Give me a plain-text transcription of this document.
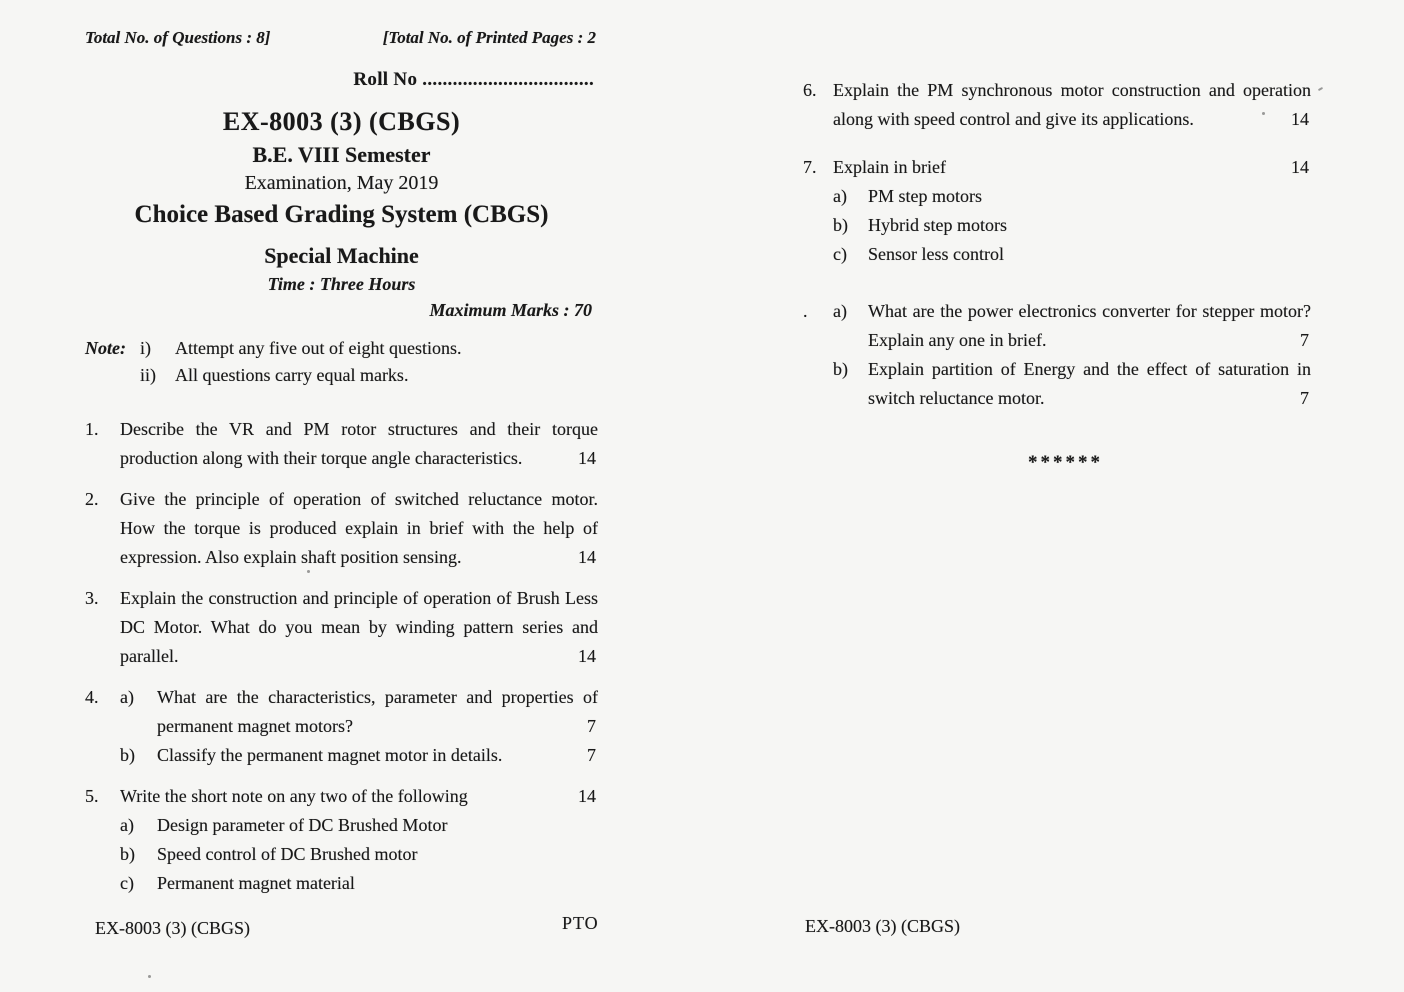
Total No. of Questions : 8]	[Total No. of Printed Pages : 2
Roll No ..................................
EX-8003 (3) (CBGS)
B.E. VIII Semester
Examination, May 2019
Choice Based Grading System (CBGS)
Special Machine
Time : Three Hours
Maximum Marks : 70
Note: i)	Attempt any five out of eight questions.
ii)	All questions carry equal marks.
1.	Describe the VR and PM rotor structures and their torque production along with their torque angle characteristics.	14

2.	Give the principle of operation of switched reluctance motor. How the torque is produced explain in brief with the help of expression. Also explain shaft position sensing.	14

3.	Explain the construction and principle of operation of Brush Less DC Motor. What do you mean by winding pattern series and parallel.	14

4.	a)	What are the characteristics, parameter and properties of permanent magnet motors?	7

b)	Classify the permanent magnet motor in details.	7

5.	Write the short note on any two of the following	14

a)	Design parameter of DC Brushed Motor

b)	Speed control of DC Brushed motor

c)	Permanent magnet material

6. Explain the PM synchronous motor construction and operation along with speed control and give its applications.	14

7. Explain in brief	14

a)	PM step motors

b)	Hybrid step motors

c)	Sensor less control

.	a)	What are the power electronics converter for stepper motor? Explain any one in brief.	7

b)	Explain partition of Energy and the effect of saturation in switch reluctance motor.	7

******
EX-8003 (3) (CBGS)	PTO	EX-8003 (3) (CBGS)
